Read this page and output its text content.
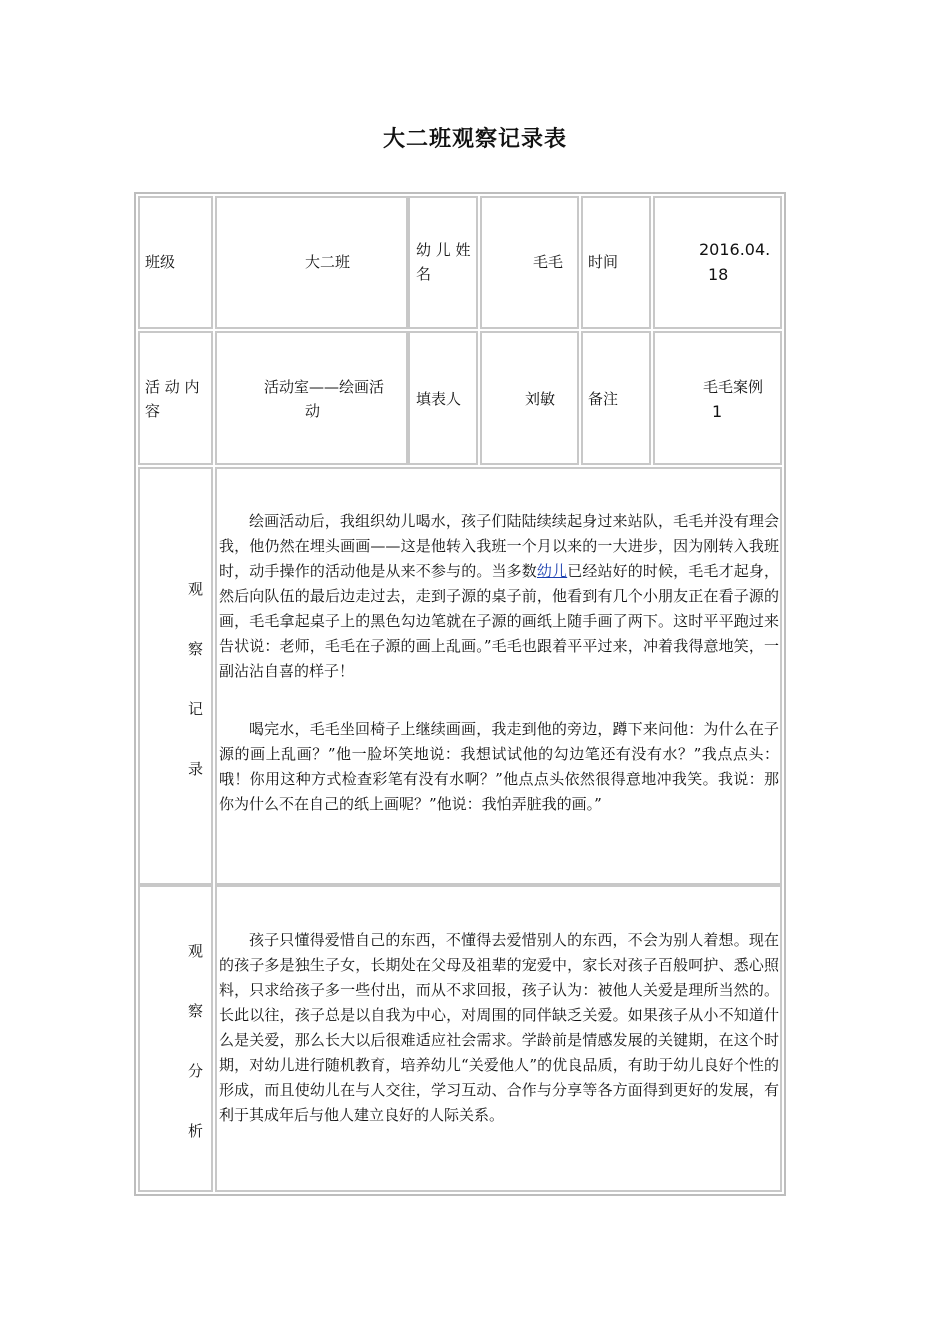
大二班观察记录表
班级	大二班
幼 儿 姓
名
毛毛 时间
2016.04.
18
活 动 内
容
活动室——绘画活
动
填表人	刘敏 备注
毛毛案例
1
观
察
记
录
绘画活动后，我组织幼儿喝水，孩子们陆陆续续起身过来站队，毛毛并没有理会我，他仍然在埋头画画——这是他转入我班一个月以来的一大进步，因为刚转入我班时，动手操作的活动他是从来不参与的。当多数幼儿已经站好的时候，毛毛才起身，然后向队伍的最后边走过去，走到子源的桌子前，他看到有几个小朋友正在看子源的画，毛毛拿起桌子上的黑色勾边笔就在子源的画纸上随手画了两下。这时平平跑过来告状说：老师，毛毛在子源的画上乱画。”毛毛也跟着平平过来，冲着我得意地笑，一副沾沾自喜的样子！
喝完水，毛毛坐回椅子上继续画画，我走到他的旁边，蹲下来问他：为什么在子源的画上乱画？”他一脸坏笑地说：我想试试他的勾边笔还有没有水？”我点点头：哦！你用这种方式检查彩笔有没有水啊？”他点点头依然很得意地冲我笑。我说：那你为什么不在自己的纸上画呢？”他说：我怕弄脏我的画。”
观
察
分
析
孩子只懂得爱惜自己的东西，不懂得去爱惜别人的东西，不会为别人着想。现在的孩子多是独生子女，长期处在父母及祖辈的宠爱中，家长对孩子百般呵护、悉心照料，只求给孩子多一些付出，而从不求回报，孩子认为：被他人关爱是理所当然的。长此以往，孩子总是以自我为中心，对周围的同伴缺乏关爱。如果孩子从小不知道什么是关爱，那么长大以后很难适应社会需求。学龄前是情感发展的关键期，在这个时期，对幼儿进行随机教育，培养幼儿“关爱他人”的优良品质，有助于幼儿良好个性的形成，而且使幼儿在与人交往，学习互动、合作与分享等各方面得到更好的发展，有利于其成年后与他人建立良好的人际关系。
